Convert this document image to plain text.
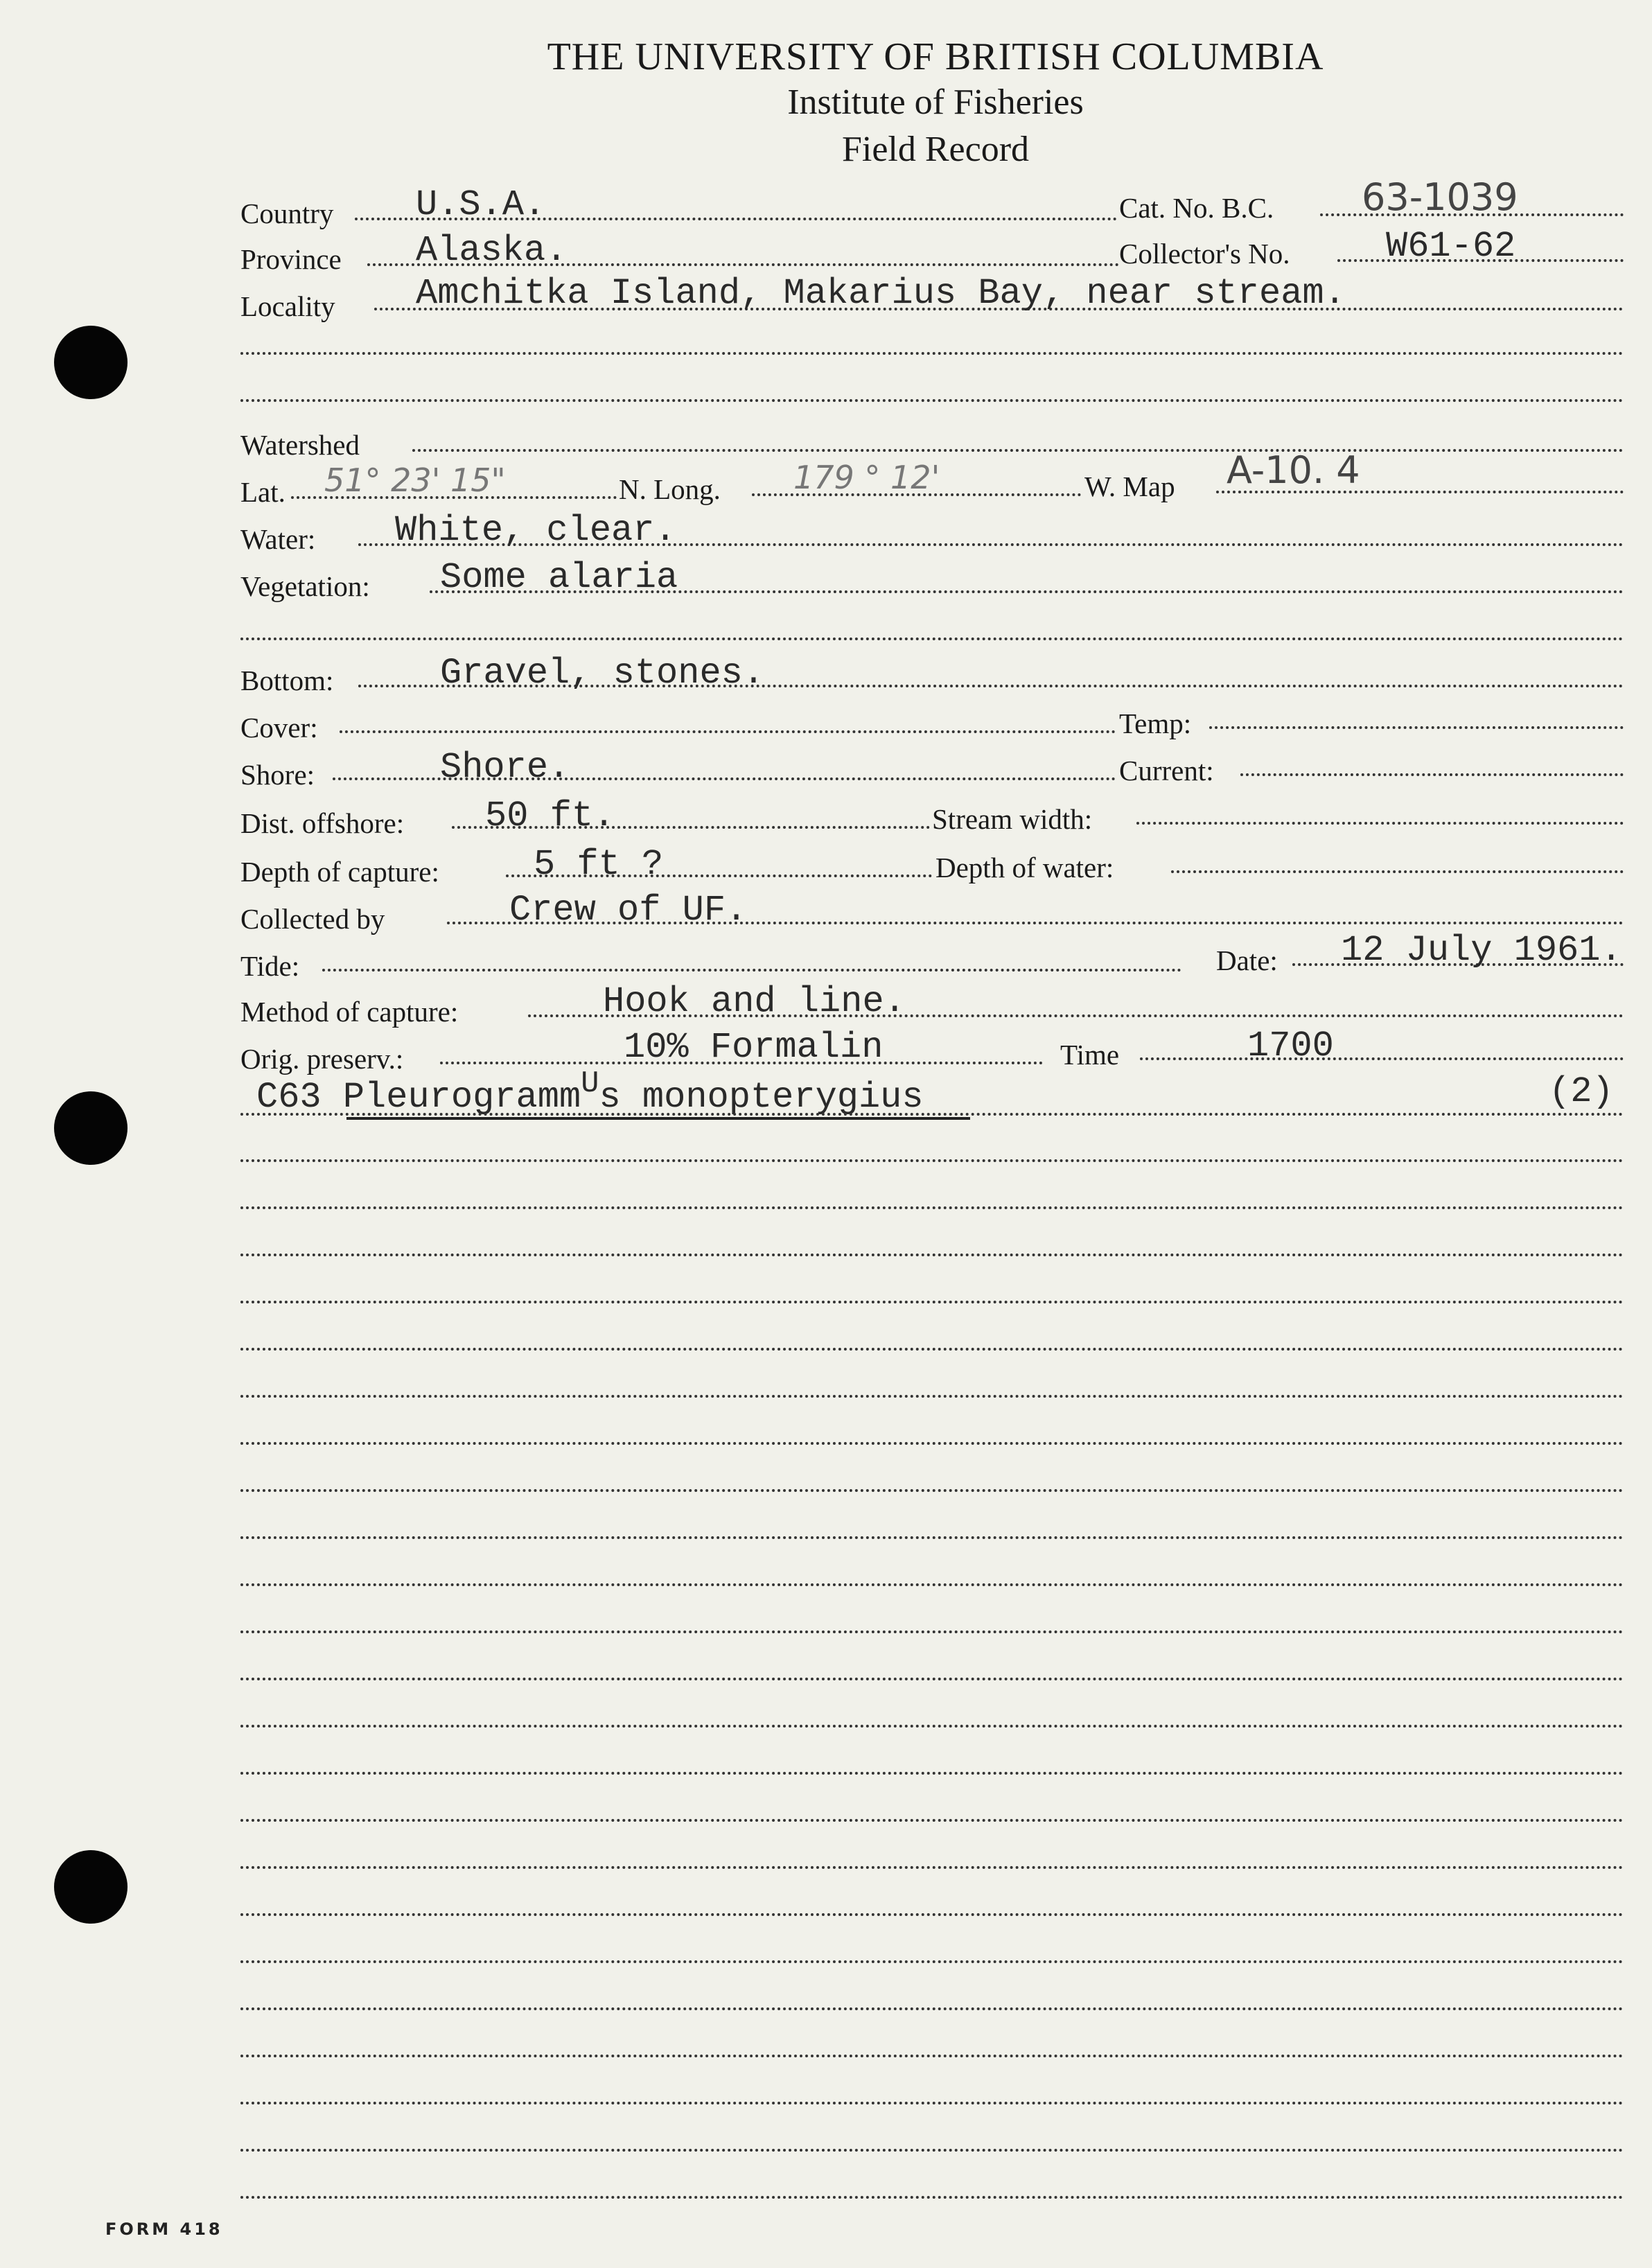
THE UNIVERSITY OF BRITISH COLUMBIA
Institute of Fisheries
Field Record
Country U.S.A.	Cat. No. B.C. 63-1039
Province Alaska.	Collector's No.	W61-62
Locality Amchitka Island, Makarius Bay, near stream.
Watershed
Lat. 51° 23' 15"	N. Long. 179 ° 12'	W. Map A-10. 4
Water: White, clear.
Vegetation: Some alaria
Bottom:	Gravel, stones.
Cover:	Temp:
Shore:	Shore.	Current:
Dist. offshore: 50 ft.	Stream width:
Depth of capture:	5 ft ?	Depth of water:
Collected by	Crew of UF.
Tide:	Date: 12 July 1961.
Method of capture:	Hook and line.
Orig. preserv.:	10% Formalin	Time	1700
C63 Pleurogramm$^U$s monopterygius	(2)
FORM 418
